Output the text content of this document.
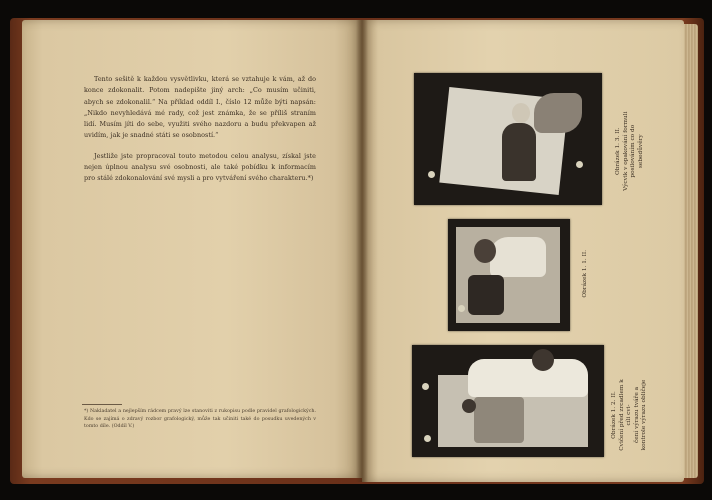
Tento sešitě k každou vysvětlivku, která se vztahuje k vám, až do konce zdokonalit. Potom nadepište jiný arch: „Co musím učiniti, abych se zdokonalil.“ Na příklad oddíl I., číslo 12 může býti napsán: „Nikdo nevyhledává mé rady, což jest známka, že se příliš straním lidí. Musím jíti do sebe, využiti svého nazdoru a budu překvapen až uvidím, jak je snadné státi se osobností.“

Jestliže jste propracoval touto metodou celou analysu, získal jste nejen úplnou analysu své osobnosti, ale také pobídku k informacím pro stálé zdokonalování své mysli a pro vytváření svého charakteru.*)

*) Nakladatel a nejlepším rádcem pravý lze stanoviti z rukopisu podle pravidel grafologických. Kdo se zajímá o zdravý rozbor grafologický, může tak učiniti také do posudku uvedených v tomto díle. (Oddíl V.)
Obrázek 1. 3. II. Výcvik v opakování formuli posilováním co do sebedůvěry
Obrázek 1. 1. II.
Obrázek 1. 2. II. Cvičení před zrcadlem k cíli cvi- čení výrazu tváře a kontrole výrazu obličeje
